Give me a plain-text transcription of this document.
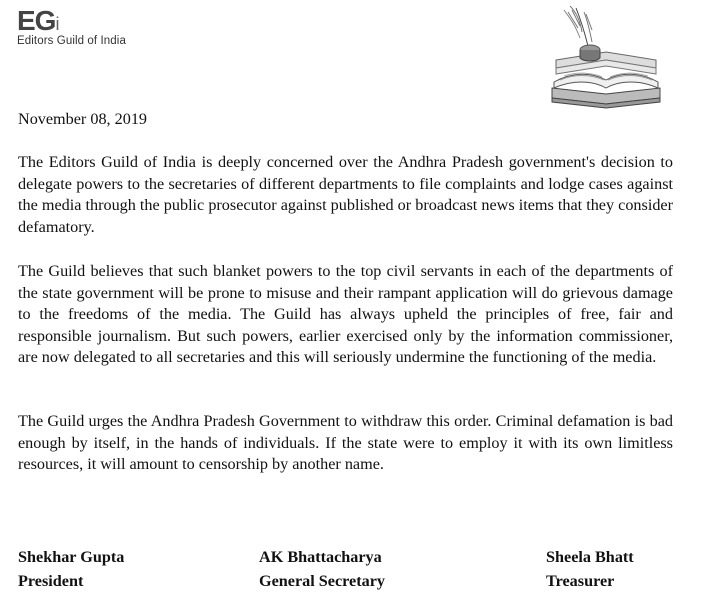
EGi
Editors Guild of India
November 08, 2019

The Editors Guild of India is deeply concerned over the Andhra Pradesh government's decision to delegate powers to the secretaries of different departments to file complaints and lodge cases against the media through the public prosecutor against published or broadcast news items that they consider defamatory.

The Guild believes that such blanket powers to the top civil servants in each of the departments of the state government will be prone to misuse and their rampant application will do grievous damage to the freedoms of the media. The Guild has always upheld the principles of free, fair and responsible journalism. But such powers, earlier exercised only by the information commissioner, are now delegated to all secretaries and this will seriously undermine the functioning of the media.

The Guild urges the Andhra Pradesh Government to withdraw this order. Criminal defamation is bad enough by itself, in the hands of individuals. If the state were to employ it with its own limitless resources, it will amount to censorship by another name.

Shekhar Gupta
President
AK Bhattacharya
General Secretary
Sheela Bhatt
Treasurer
